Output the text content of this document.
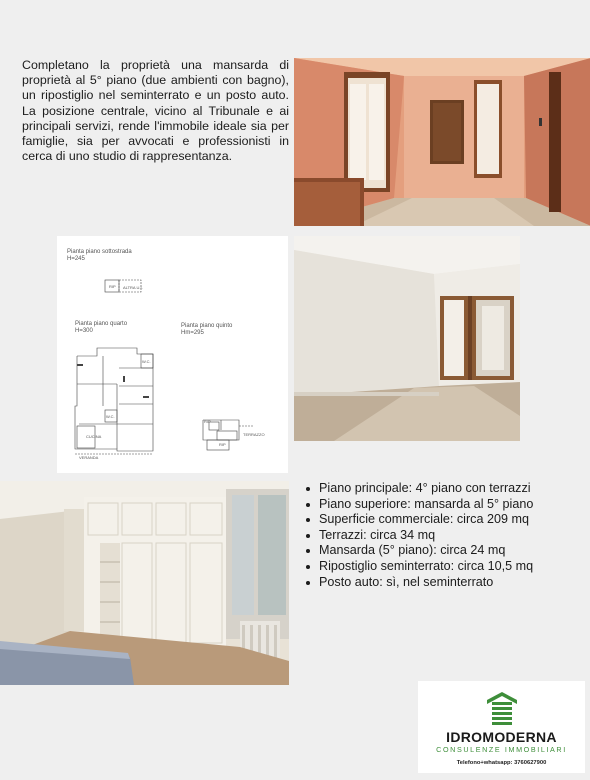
Completano la proprietà una mansarda di proprietà al 5° piano (due ambienti con bagno), un ripostiglio nel seminterrato e un posto auto. La posizione centrale, vicino al Tribunale e ai principali servizi, rende l'immobile ideale sia per famiglie, sia per avvocati e professionisti in cerca di uno studio di rappresentanza.

Pianta piano sottostrada
H=245
RIP ALTRA U.I.
Pianta piano quarto
H=300
Pianta piano quinto
Hm=295
W.C.
W.C.
CUCINA
VERANDA
TERRAZZO
RIP
RIP
Piano principale: 4° piano con terrazzi
Piano superiore: mansarda al 5° piano
Superficie commerciale: circa 209 mq
Terrazzi: circa 34 mq
Mansarda (5° piano): circa 24 mq
Ripostiglio seminterrato: circa 10,5 mq
Posto auto: sì, nel seminterrato
IDROMODERNA
CONSULENZE IMMOBILIARI
Telefono+whatsapp: 3760627900
